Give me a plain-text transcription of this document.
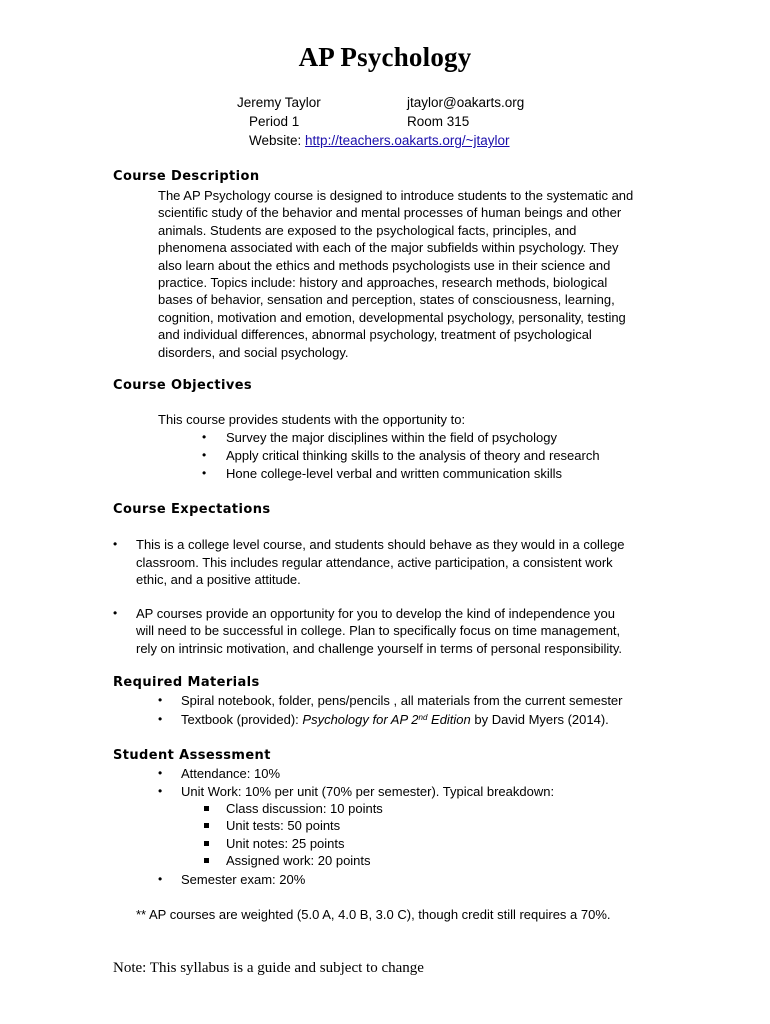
AP Psychology
Jeremy Taylor	jtaylor@oakarts.org
Period 1	Room 315
Website: http://teachers.oakarts.org/~jtaylor
Course Description
The AP Psychology course is designed to introduce students to the systematic and
scientific study of the behavior and mental processes of human beings and other
animals. Students are exposed to the psychological facts, principles, and
phenomena associated with each of the major subfields within psychology. They
also learn about the ethics and methods psychologists use in their science and
practice. Topics include: history and approaches, research methods, biological
bases of behavior, sensation and perception, states of consciousness, learning,
cognition, motivation and emotion, developmental psychology, personality, testing
and individual differences, abnormal psychology, treatment of psychological
disorders, and social psychology.
Course Objectives
This course provides students with the opportunity to:
• Survey the major disciplines within the field of psychology
• Apply critical thinking skills to the analysis of theory and research
• Hone college-level verbal and written communication skills
Course Expectations
• This is a college level course, and students should behave as they would in a college
classroom. This includes regular attendance, active participation, a consistent work
ethic, and a positive attitude.
• AP courses provide an opportunity for you to develop the kind of independence you
will need to be successful in college. Plan to specifically focus on time management,
rely on intrinsic motivation, and challenge yourself in terms of personal responsibility.
Required Materials
• Spiral notebook, folder, pens/pencils , all materials from the current semester
• Textbook (provided): Psychology for AP 2nd Edition by David Myers (2014).
Student Assessment
• Attendance: 10%
• Unit Work: 10% per unit (70% per semester). Typical breakdown:
Class discussion: 10 points
Unit tests: 50 points
Unit notes: 25 points
Assigned work: 20 points
• Semester exam: 20%
** AP courses are weighted (5.0 A, 4.0 B, 3.0 C), though credit still requires a 70%.
Note: This syllabus is a guide and subject to change
